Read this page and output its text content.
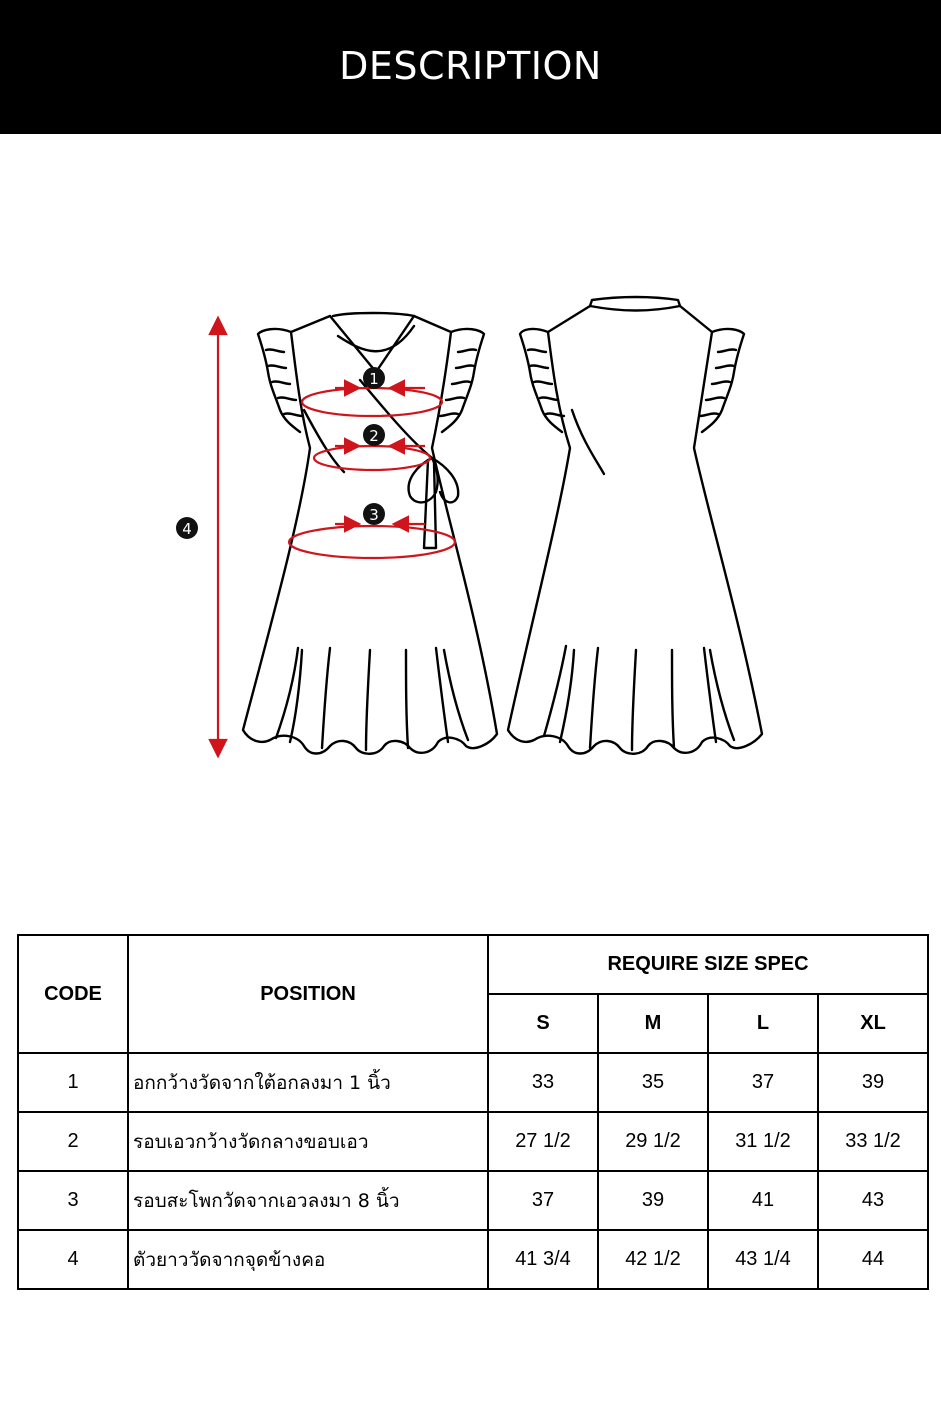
DESCRIPTION
1
2
3
4
CODE	POSITION	REQUIRE SIZE SPEC			
		S	M	L	XL
1	อกกว้างวัดจากใต้อกลงมา 1 นิ้ว	33	35	37	39
2	รอบเอวกว้างวัดกลางขอบเอว	27 1/2	29 1/2	31 1/2	33 1/2
3	รอบสะโพกวัดจากเอวลงมา 8 นิ้ว	37	39	41	43
4	ตัวยาววัดจากจุดข้างคอ	41 3/4	42 1/2	43 1/4	44
